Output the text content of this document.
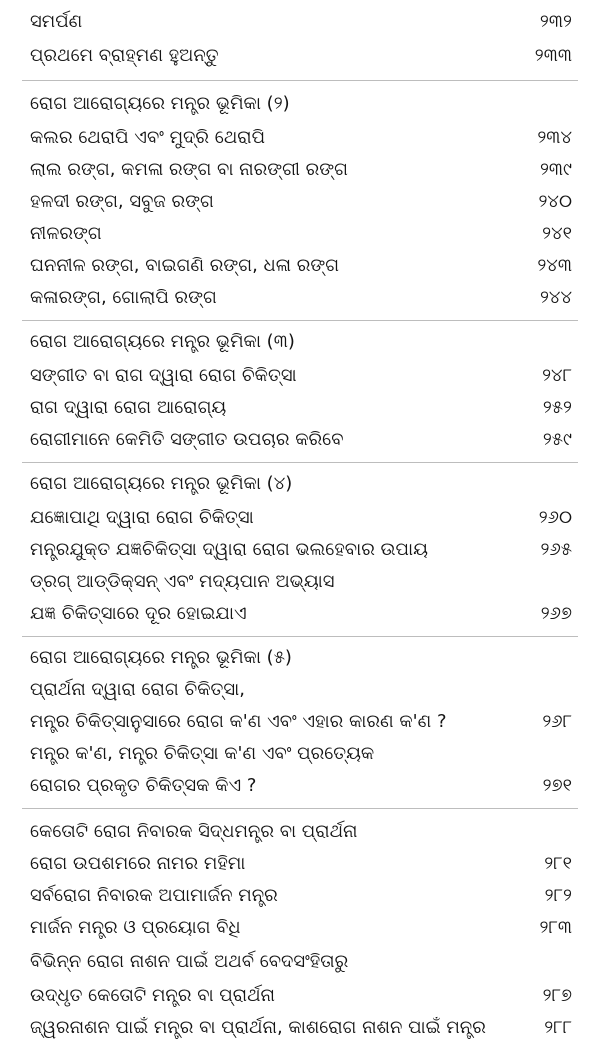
ସମର୍ପଣ	୨୩୨
ପ୍ରଥମେ ବ୍ରାହ୍ମଣ ହୁଅନ୍ତୁ	୨୩୩
ରୋଗ ଆରୋଗ୍ୟରେ ମନ୍ତ୍ର ଭୂମିକା (୨)
କଲର ଥେରାପି ଏବଂ ମୁଦ୍ରି ଥେରାପି	୨୩୪
ଲାଲ ରଙ୍ଗ, କମଳା ରଙ୍ଗ ବା ନାରଙ୍ଗୀ ରଙ୍ଗ	୨୩୯
ହଳଦୀ ରଙ୍ଗ, ସବୁଜ ରଙ୍ଗ	୨୪୦
ନୀଳରଙ୍ଗ	୨୪୧
ଘନନୀଳ ରଙ୍ଗ, ବାଇଗଣି ରଙ୍ଗ, ଧଳା ରଙ୍ଗ	୨୪୩
କଳାରଙ୍ଗ, ଗୋଲାପି ରଙ୍ଗ	୨୪୪
ରୋଗ ଆରୋଗ୍ୟରେ ମନ୍ତ୍ର ଭୂମିକା (୩)
ସଙ୍ଗୀତ ବା ରାଗ ଦ୍ୱାରା ରୋଗ ଚିକିତ୍ସା	୨୪୮
ରାଗ ଦ୍ୱାରା ରୋଗ ଆରୋଗ୍ୟ	୨୫୨
ରୋଗୀମାନେ କେମିତି ସଙ୍ଗୀତ ଉପଚାର କରିବେ	୨୫୯
ରୋଗ ଆରୋଗ୍ୟରେ ମନ୍ତ୍ର ଭୂମିକା (୪)
ଯଜ୍ଞୋପାଥି ଦ୍ୱାରା ରୋଗ ଚିକିତ୍ସା	୨୬୦
ମନ୍ତ୍ରଯୁକ୍ତ ଯଜ୍ଞଚିକିତ୍ସା ଦ୍ୱାରା ରୋଗ ଭଲହେବାର ଉପାୟ	୨୬୫
ଡ୍ରଗ୍ ଆଡ୍ଡିକ୍ସନ୍ ଏବଂ ମଦ୍ୟପାନ ଅଭ୍ୟାସ
ଯଜ୍ଞ ଚିକିତ୍ସାରେ ଦୂର ହୋଇଯାଏ	୨୬୭
ରୋଗ ଆରୋଗ୍ୟରେ ମନ୍ତ୍ର ଭୂମିକା (୫)
ପ୍ରାର୍ଥନା ଦ୍ୱାରା ରୋଗ ଚିକିତ୍ସା,
ମନ୍ତ୍ର ଚିକିତ୍ସାନୁସାରେ ରୋଗ କ'ଣ ଏବଂ ଏହାର କାରଣ କ'ଣ ?	୨୬୮
ମନ୍ତ୍ର କ'ଣ, ମନ୍ତ୍ର ଚିକିତ୍ସା କ'ଣ ଏବଂ ପ୍ରତ୍ୟେକ
ରୋଗର ପ୍ରକୃତ ଚିକିତ୍ସକ କିଏ ?	୨୭୧
କେତୋଟି ରୋଗ ନିବାରକ ସିଦ୍ଧମନ୍ତ୍ର ବା ପ୍ରାର୍ଥନା
ରୋଗ ଉପଶମରେ ନାମର ମହିମା	୨୮୧
ସର୍ବରୋଗ ନିବାରକ ଅପାମାର୍ଜନ ମନ୍ତ୍ର	୨୮୨
ମାର୍ଜନ ମନ୍ତ୍ର ଓ ପ୍ରୟୋଗ ବିଧି	୨୮୩
ବିଭିନ୍ନ ରୋଗ ନାଶନ ପାଇଁ ଅଥର୍ବ ବେଦସଂହିତାରୁ
ଉଦ୍ଧୃତ କେତୋଟି ମନ୍ତ୍ର ବା ପ୍ରାର୍ଥନା	୨୮୭
ଜ୍ୱରନାଶନ ପାଇଁ ମନ୍ତ୍ର ବା ପ୍ରାର୍ଥନା, କାଶରୋଗ ନାଶନ ପାଇଁ ମନ୍ତ୍ର	୨୮୮
